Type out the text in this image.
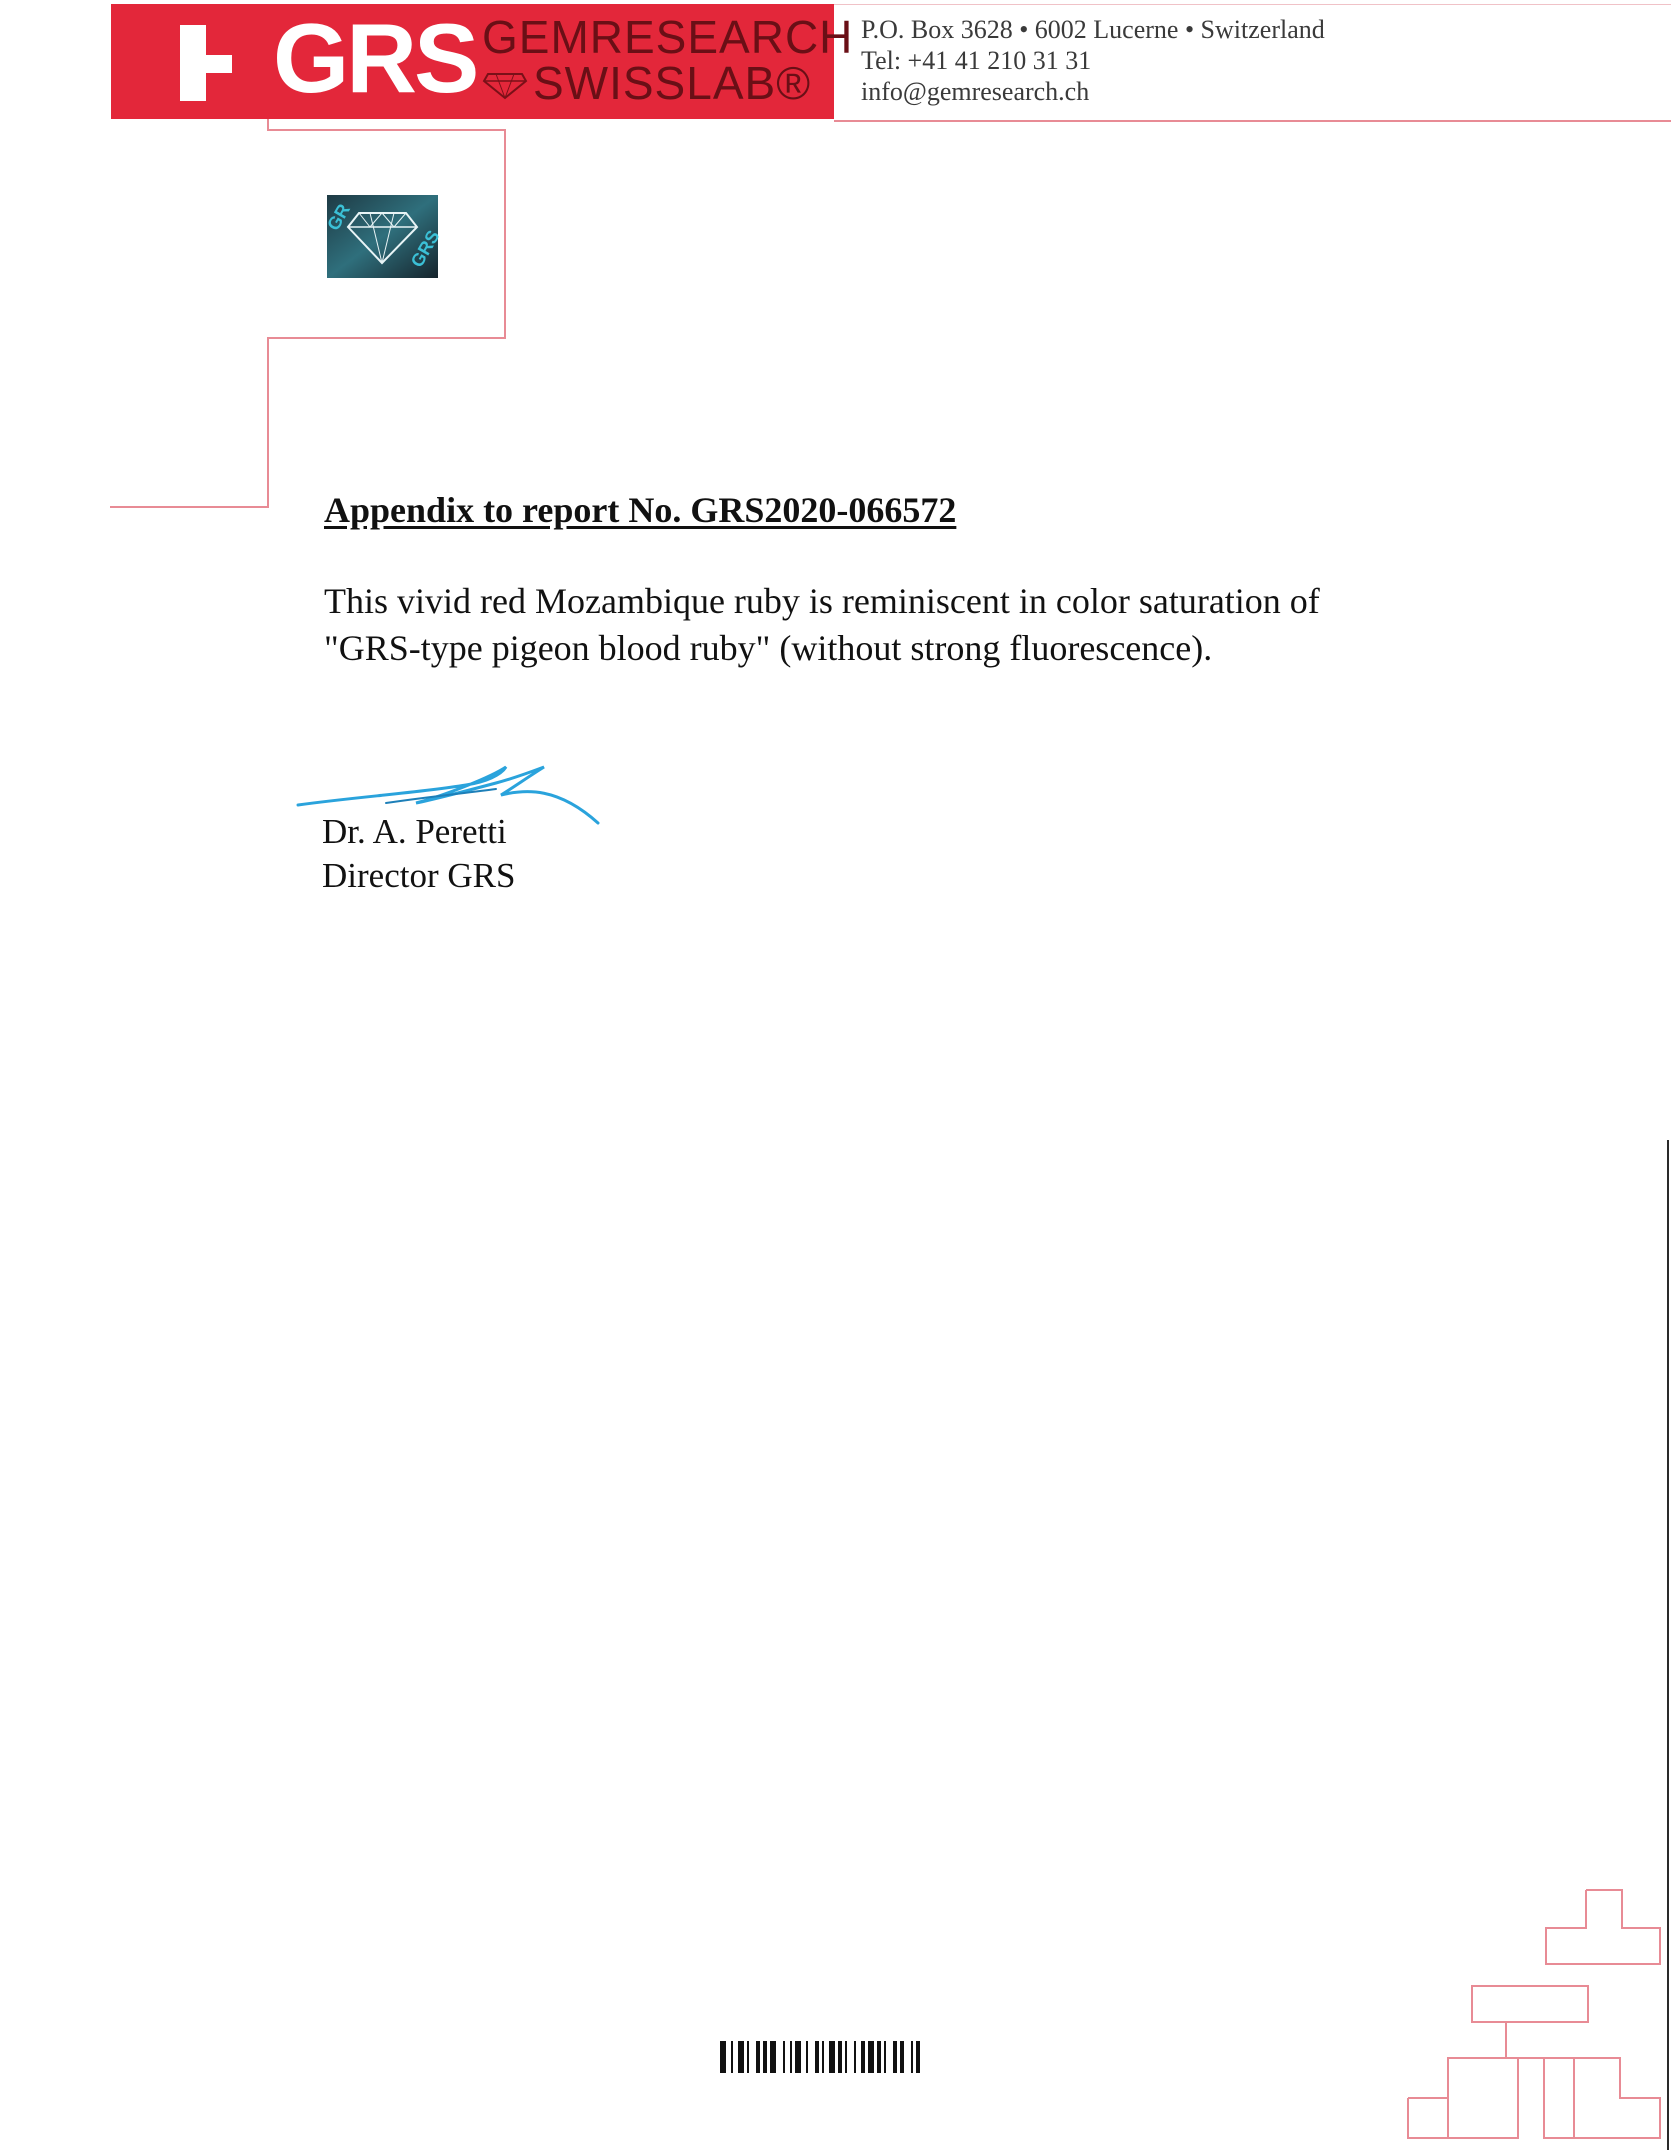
GRS GEMRESEARCH
SWISSLAB®
P.O. Box 3628 • 6002 Lucerne • Switzerland
Tel: +41 41 210 31 31
info@gemresearch.ch
GR
GRS
Appendix to report No. GRS2020-066572
This vivid red Mozambique ruby is reminiscent in color saturation of
"GRS-type pigeon blood ruby" (without strong fluorescence).
Dr. A. Peretti
Director GRS
